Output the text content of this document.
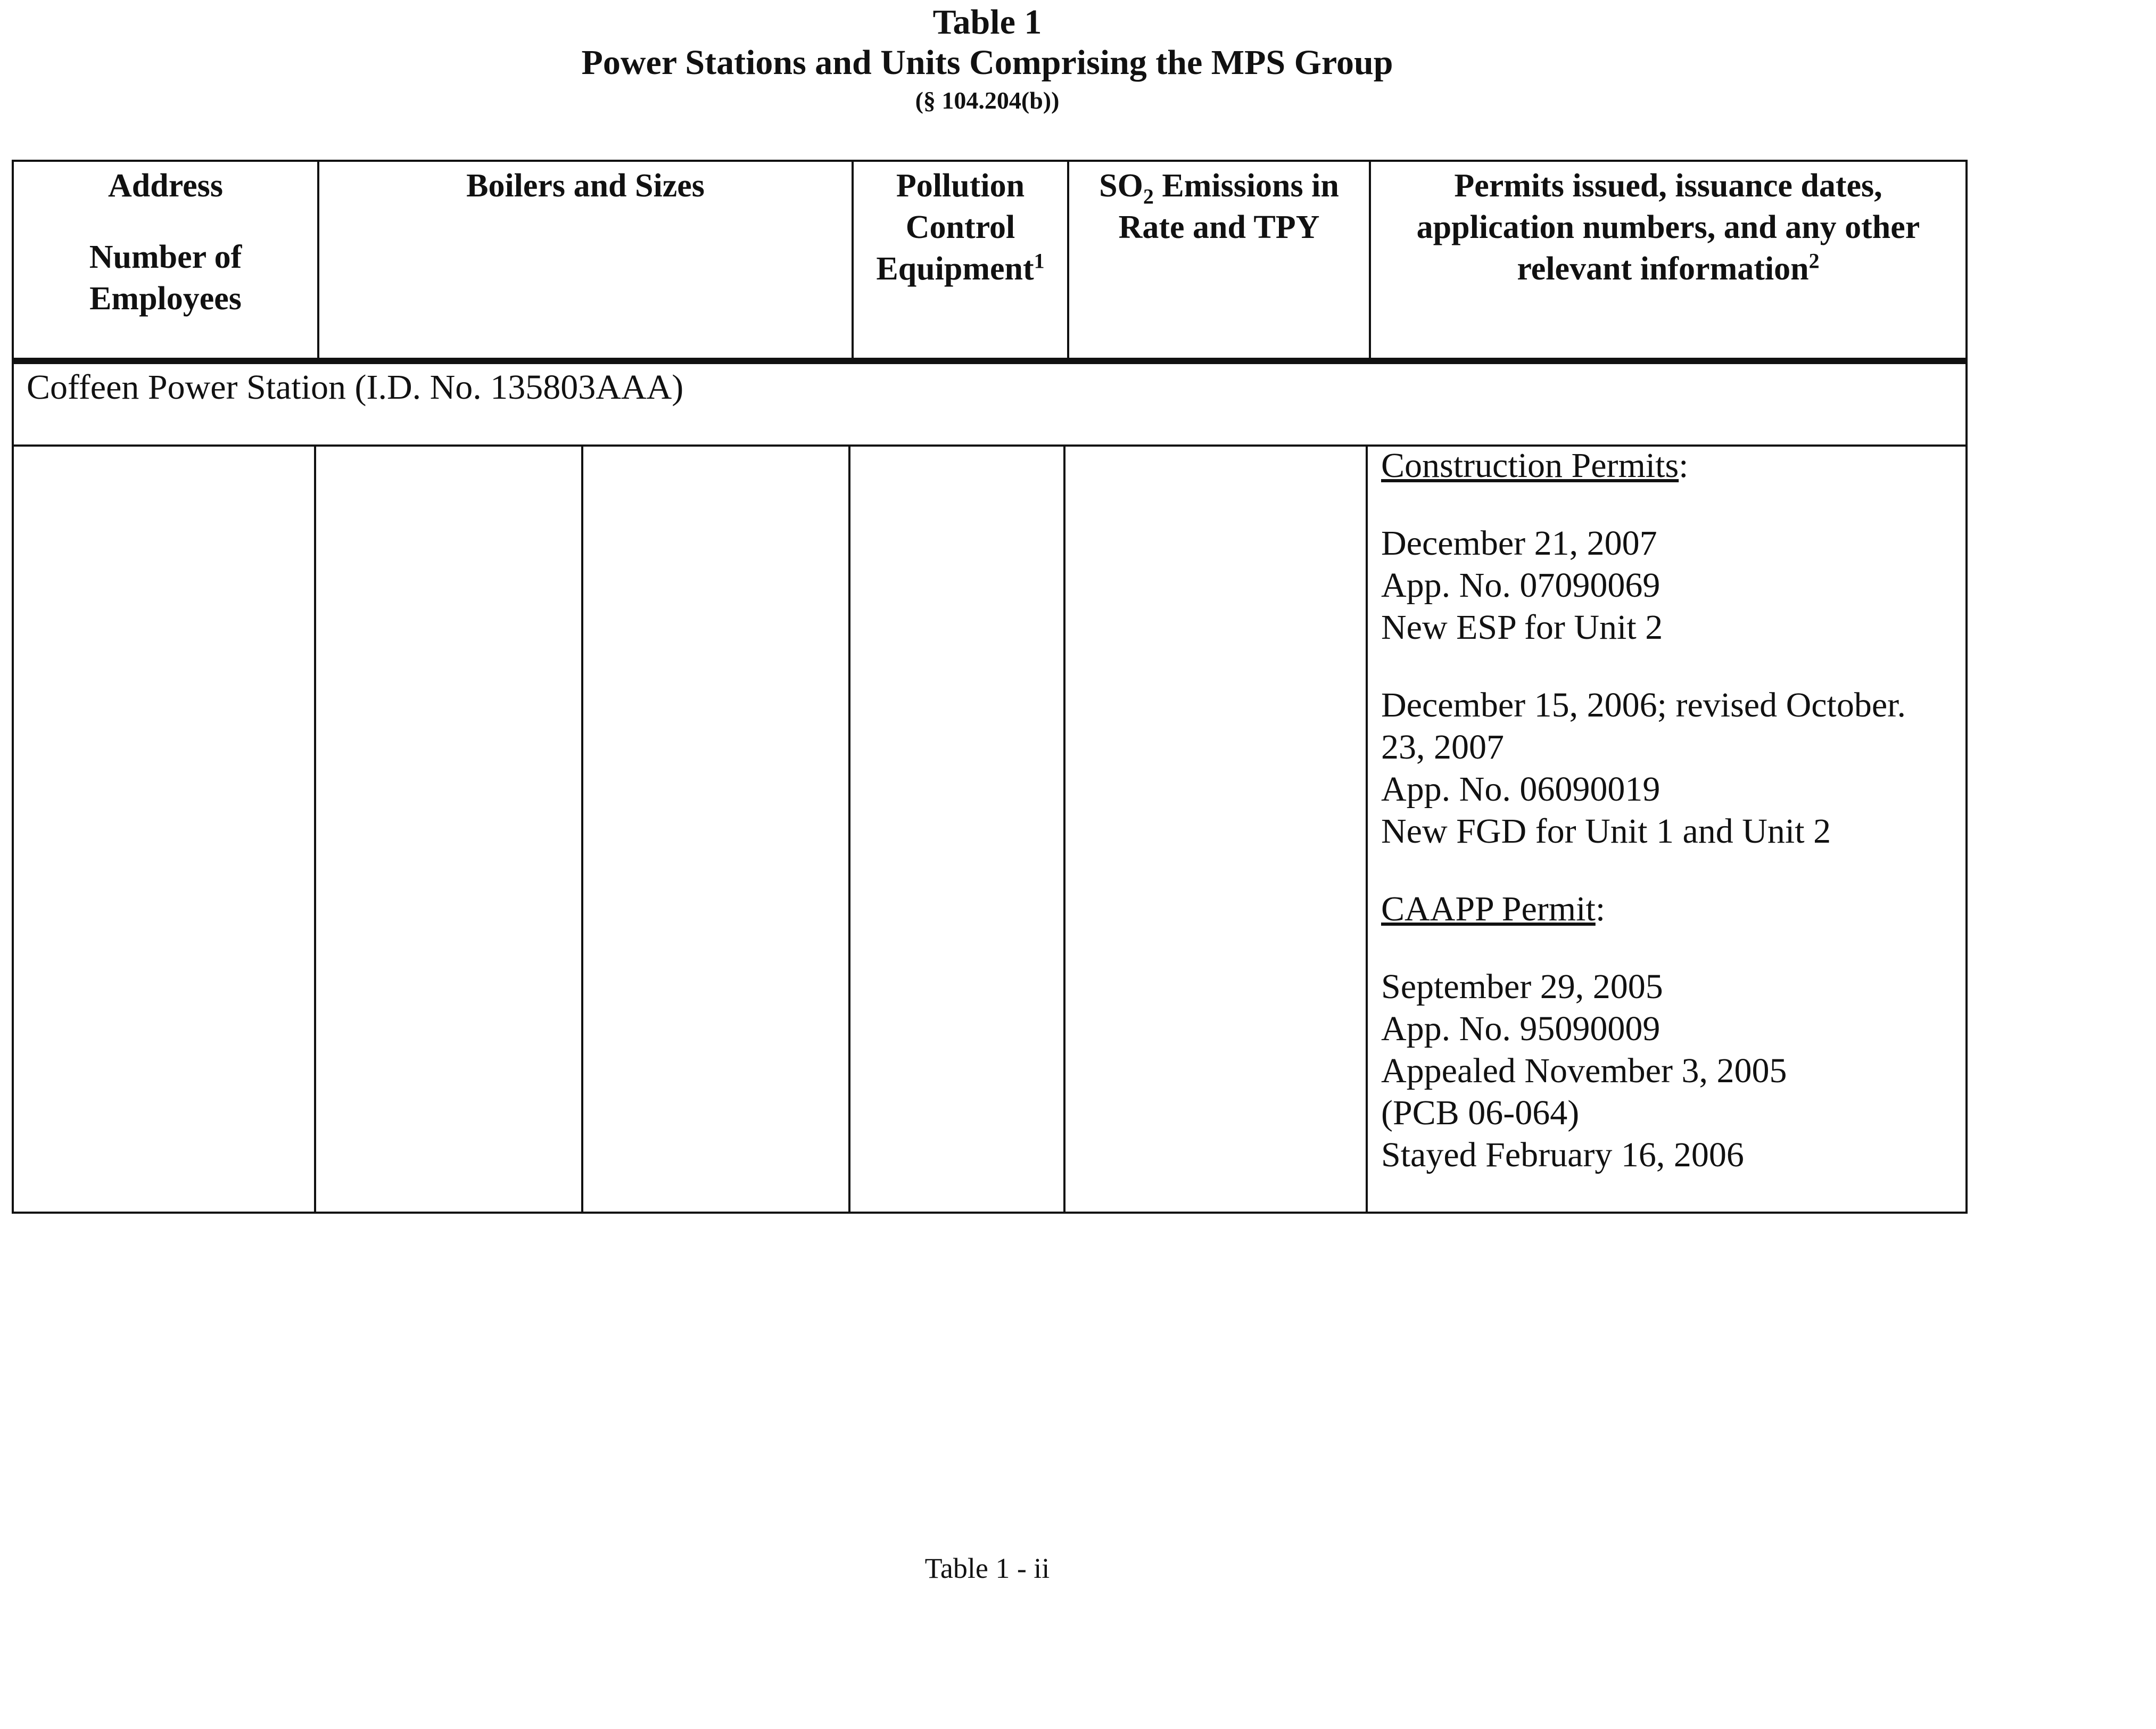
Table 1
Power Stations and Units Comprising the MPS Group
(§ 104.204(b))
Address
Number of
Employees
Boilers and Sizes	Pollution
Control
Equipment$^1$
$SO_2$ Emissions in
Rate and TPY
Permits issued, issuance dates,
application numbers, and any other
relevant information$^2$
Coffeen Power Station (I.D. No. 135803AAA)
Construction Permits:
December 21, 2007
App. No. 07090069
New ESP for Unit 2
December 15, 2006; revised October.
23, 2007
App. No. 06090019
New FGD for Unit 1 and Unit 2
CAAPP Permit:
September 29, 2005
App. No. 95090009
Appealed November 3, 2005
(PCB 06-064)
Stayed February 16, 2006
Table 1 - ii
